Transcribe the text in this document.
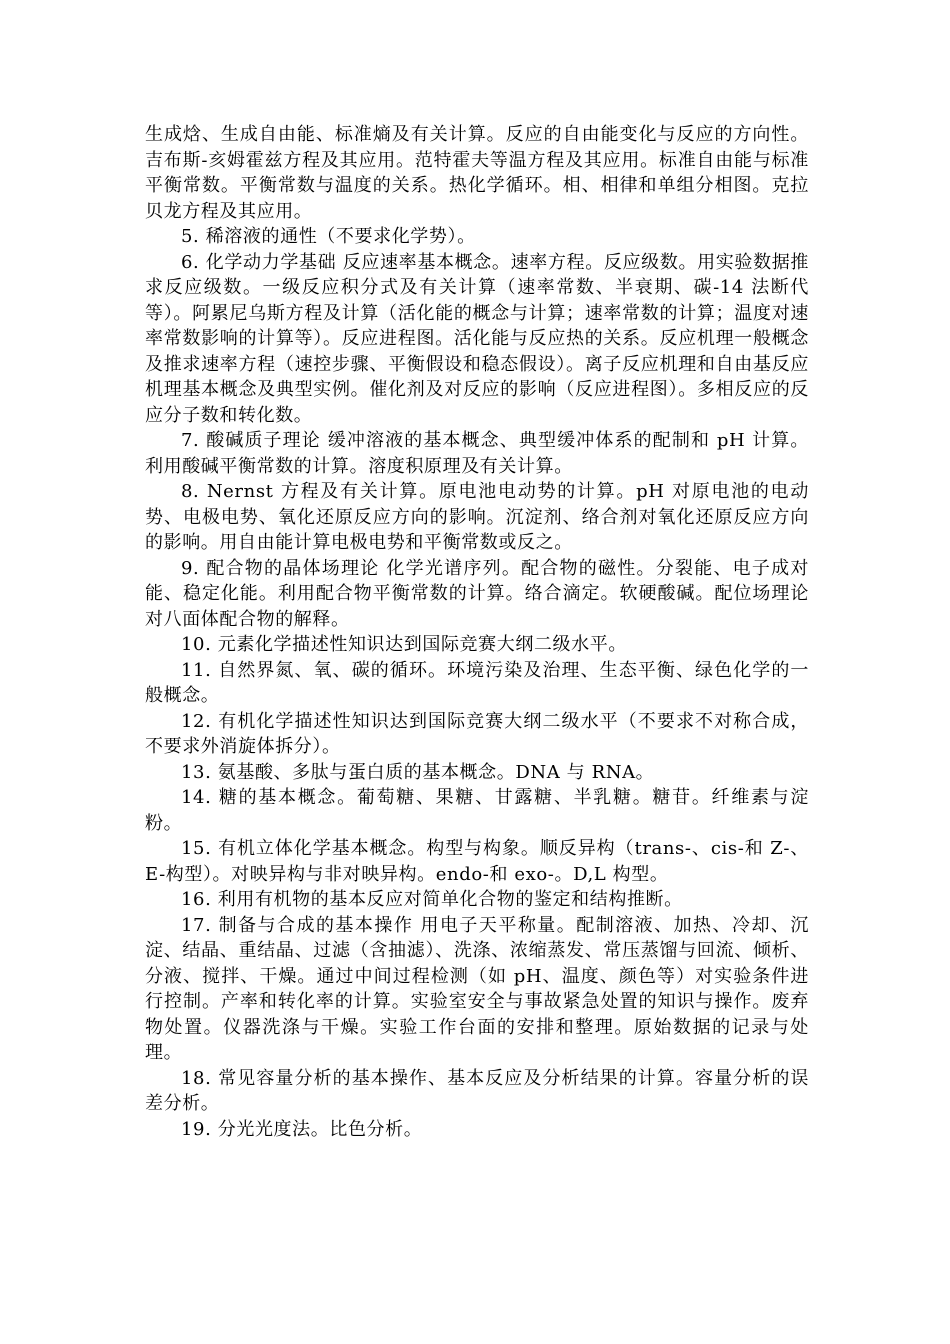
生成焓、生成自由能、标准熵及有关计算。反应的自由能变化与反应的方向性。吉布斯-亥姆霍兹方程及其应用。范特霍夫等温方程及其应用。标准自由能与标准平衡常数。平衡常数与温度的关系。热化学循环。相、相律和单组分相图。克拉贝龙方程及其应用。

5. 稀溶液的通性（不要求化学势）。

6. 化学动力学基础 反应速率基本概念。速率方程。反应级数。用实验数据推求反应级数。一级反应积分式及有关计算（速率常数、半衰期、碳-14 法断代等）。阿累尼乌斯方程及计算（活化能的概念与计算；速率常数的计算；温度对速率常数影响的计算等）。反应进程图。活化能与反应热的关系。反应机理一般概念及推求速率方程（速控步骤、平衡假设和稳态假设）。离子反应机理和自由基反应机理基本概念及典型实例。催化剂及对反应的影响（反应进程图）。多相反应的反应分子数和转化数。

7. 酸碱质子理论 缓冲溶液的基本概念、典型缓冲体系的配制和 pH 计算。利用酸碱平衡常数的计算。溶度积原理及有关计算。

8. Nernst 方程及有关计算。原电池电动势的计算。pH 对原电池的电动势、电极电势、氧化还原反应方向的影响。沉淀剂、络合剂对氧化还原反应方向的影响。用自由能计算电极电势和平衡常数或反之。

9. 配合物的晶体场理论 化学光谱序列。配合物的磁性。分裂能、电子成对能、稳定化能。利用配合物平衡常数的计算。络合滴定。软硬酸碱。配位场理论对八面体配合物的解释。

10. 元素化学描述性知识达到国际竞赛大纲二级水平。

11. 自然界氮、氧、碳的循环。环境污染及治理、生态平衡、绿色化学的一般概念。

12. 有机化学描述性知识达到国际竞赛大纲二级水平（不要求不对称合成，不要求外消旋体拆分）。

13. 氨基酸、多肽与蛋白质的基本概念。DNA 与 RNA。

14. 糖的基本概念。葡萄糖、果糖、甘露糖、半乳糖。糖苷。纤维素与淀粉。

15. 有机立体化学基本概念。构型与构象。顺反异构（trans-、cis-和 Z-、E-构型）。对映异构与非对映异构。endo-和 exo-。D,L 构型。

16. 利用有机物的基本反应对简单化合物的鉴定和结构推断。

17. 制备与合成的基本操作 用电子天平称量。配制溶液、加热、冷却、沉淀、结晶、重结晶、过滤（含抽滤）、洗涤、浓缩蒸发、常压蒸馏与回流、倾析、分液、搅拌、干燥。通过中间过程检测（如 pH、温度、颜色等）对实验条件进行控制。产率和转化率的计算。实验室安全与事故紧急处置的知识与操作。废弃物处置。仪器洗涤与干燥。实验工作台面的安排和整理。原始数据的记录与处理。

18. 常见容量分析的基本操作、基本反应及分析结果的计算。容量分析的误差分析。

19. 分光光度法。比色分析。
